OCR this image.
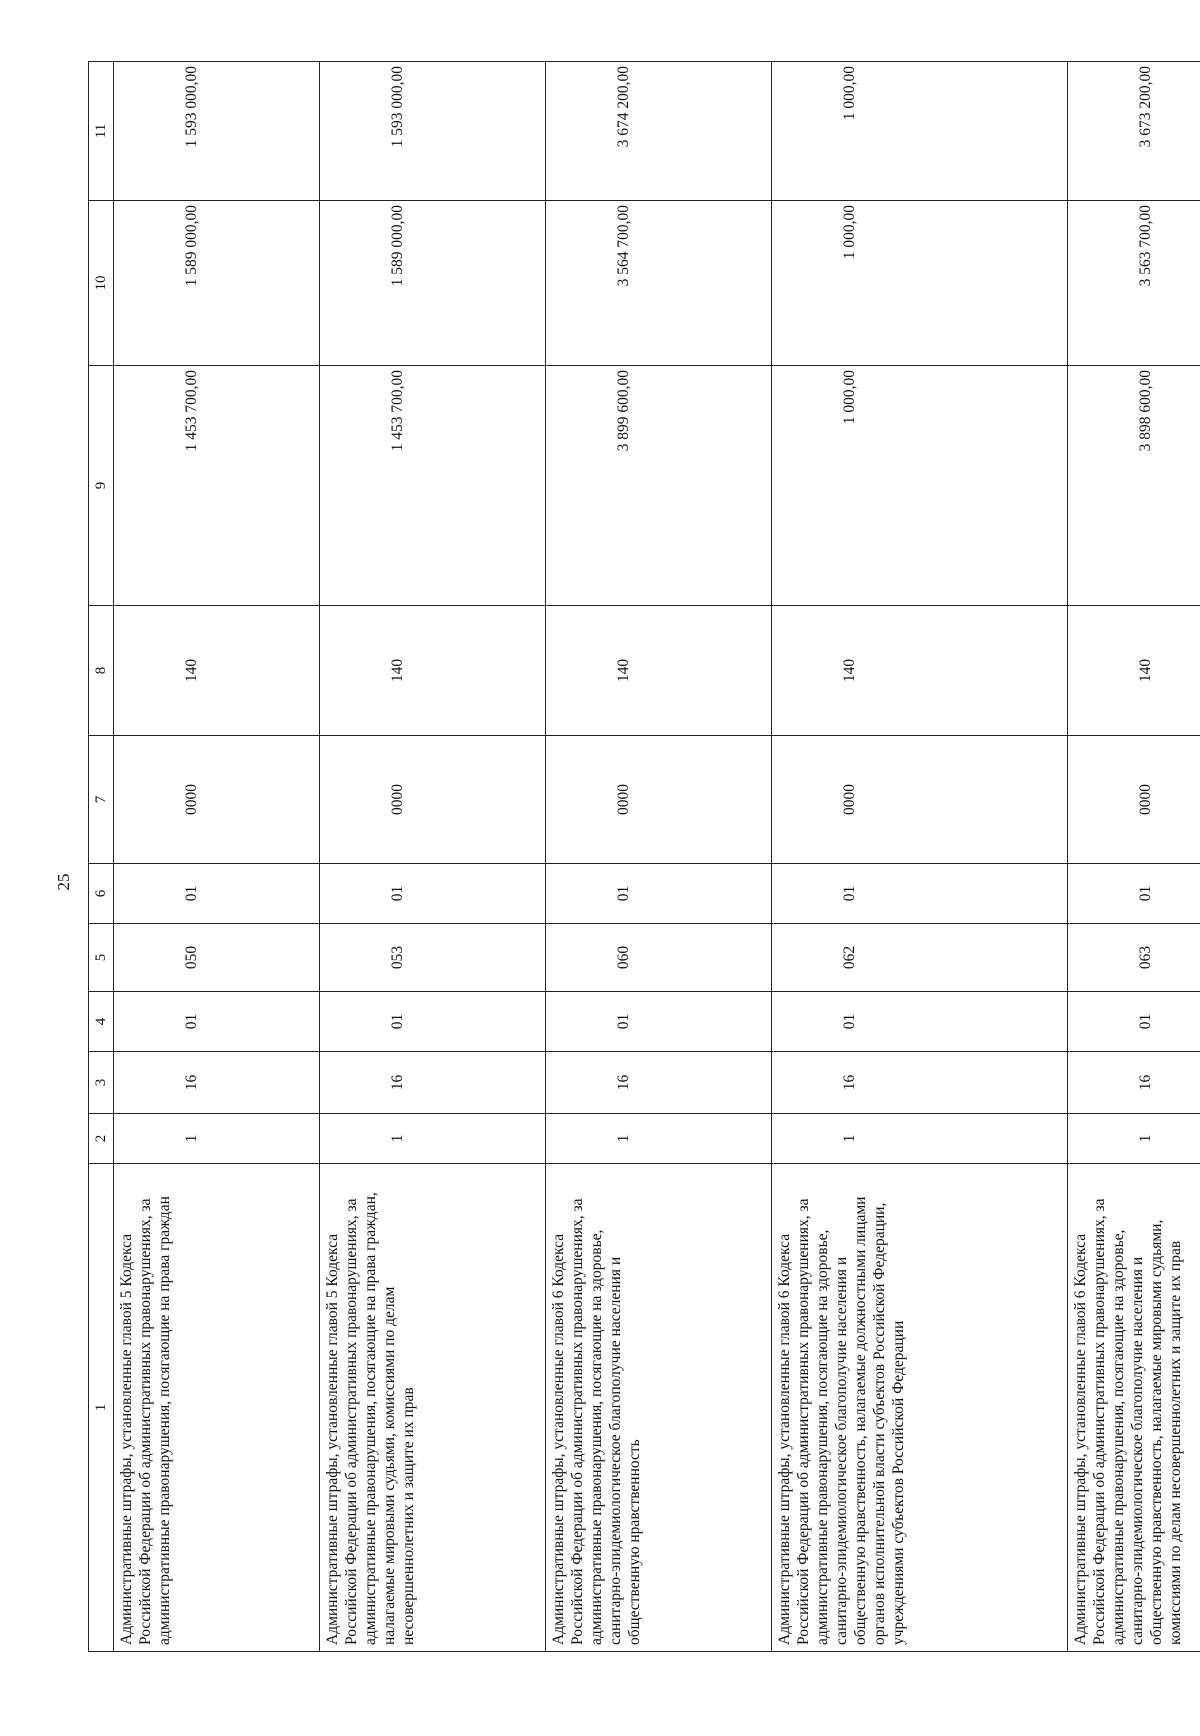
25
1	2	3	4	5	6	7	8	9	10	11
Административные штрафы, установленные главой 5 Кодекса Российской Федерации об административных правонарушениях, за административные правонарушения, посягающие на права граждан	1	16	01	050	01	0000	140	1 453 700,00	1 589 000,00	1 593 000,00
Административные штрафы, установленные главой 5 Кодекса Российской Федерации об административных правонарушениях, за административные правонарушения, посягающие на права граждан, налагаемые мировыми судьями, комиссиями по делам несовершеннолетних и защите их прав	1	16	01	053	01	0000	140	1 453 700,00	1 589 000,00	1 593 000,00
Административные штрафы, установленные главой 6 Кодекса Российской Федерации об административных правонарушениях, за административные правонарушения, посягающие на здоровье, санитарно-эпидемиологическое благополучие населения и общественную нравственность	1	16	01	060	01	0000	140	3 899 600,00	3 564 700,00	3 674 200,00
Административные штрафы, установленные главой 6 Кодекса Российской Федерации об административных правонарушениях, за административные правонарушения, посягающие на здоровье, санитарно-эпидемиологическое благополучие населения и общественную нравственность, налагаемые должностными лицами органов исполнительной власти субъектов Российской Федерации, учреждениями субъектов Российской Федерации	1	16	01	062	01	0000	140	1 000,00	1 000,00	1 000,00
Административные штрафы, установленные главой 6 Кодекса Российской Федерации об административных правонарушениях, за административные правонарушения, посягающие на здоровье, санитарно-эпидемиологическое благополучие населения и общественную нравственность, налагаемые мировыми судьями, комиссиями по делам несовершеннолетних и защите их прав	1	16	01	063	01	0000	140	3 898 600,00	3 563 700,00	3 673 200,00
